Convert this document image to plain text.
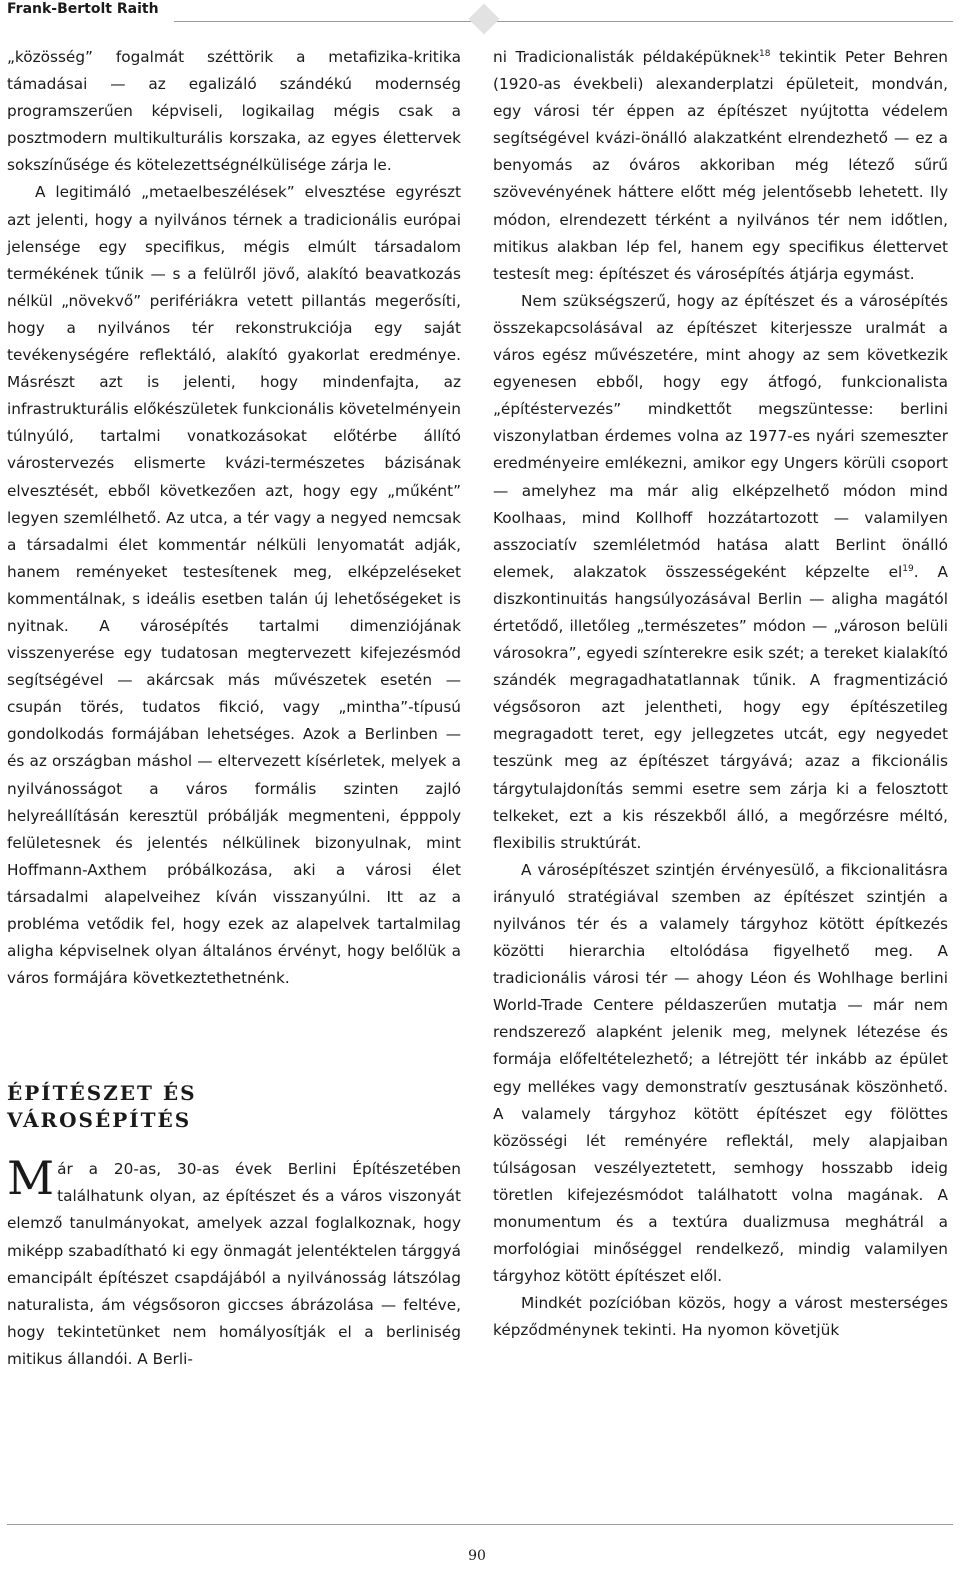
Frank-Bertolt Raith

„közösség” fogalmát széttörik a metafizika-kritika támadásai — az egalizáló szándékú modernség programszerűen képviseli, logikailag mégis csak a posztmodern multikulturális korszaka, az egyes élettervek sokszínűsége és kötelezettségnélkülisége zárja le.

A legitimáló „metaelbeszélések” elvesztése egyrészt azt jelenti, hogy a nyilvános térnek a tradicionális európai jelensége egy specifikus, mégis elmúlt társadalom termékének tűnik — s a felülről jövő, alakító beavatkozás nélkül „növekvő” perifériákra vetett pillantás megerősíti, hogy a nyilvános tér rekonstrukciója egy saját tevékenységére reflektáló, alakító gyakorlat eredménye. Másrészt azt is jelenti, hogy mindenfajta, az infrastrukturális előkészületek funkcionális követelményein túlnyúló, tartalmi vonatkozásokat előtérbe állító várostervezés elismerte kvázi-természetes bázisának elvesztését, ebből következően azt, hogy egy „műként” legyen szemlélhető. Az utca, a tér vagy a negyed nemcsak a társadalmi élet kommentár nélküli lenyomatát adják, hanem reményeket testesítenek meg, elképzeléseket kommentálnak, s ideális esetben talán új lehetőségeket is nyitnak. A városépítés tartalmi dimenziójának visszenyerése egy tudatosan megtervezett kifejezésmód segítségével — akárcsak más művészetek esetén — csupán törés, tudatos fikció, vagy „mintha”-típusú gondolkodás formájában lehetséges. Azok a Berlinben — és az országban máshol — eltervezett kísérletek, melyek a nyilvánosságot a város formális szinten zajló helyreállításán keresztül próbálják megmenteni, épppoly felületesnek és jelentés nélkülinek bizonyulnak, mint Hoffmann-Axthem próbálkozása, aki a városi élet társadalmi alapelveihez kíván visszanyúlni. Itt az a probléma vetődik fel, hogy ezek az alapelvek tartalmilag aligha képviselnek olyan általános érvényt, hogy belőlük a város formájára következtethetnénk.

ÉPÍTÉSZET ÉS
VÁROSÉPÍTÉS

Már a 20-as, 30-as évek Berlini Építészetében találhatunk olyan, az építészet és a város viszonyát elemző tanulmányokat, amelyek azzal foglalkoznak, hogy miképp szabadítható ki egy önmagát jelentéktelen tárggyá emancipált építészet csapdájából a nyilvánosság látszólag naturalista, ám végsősoron giccses ábrázolása — feltéve, hogy tekintetünket nem homályosítják el a berliniség mitikus állandói. A Berli-

ni Tradicionalisták példaképüknek$^{18}$ tekintik Peter Behren (1920-as évekbeli) alexanderplatzi épületeit, mondván, egy városi tér éppen az építészet nyújtotta védelem segítségével kvázi-önálló alakzatként elrendezhető — ez a benyomás az óváros akkoriban még létező sűrű szövevényének háttere előtt még jelentősebb lehetett. Ily módon, elrendezett térként a nyilvános tér nem időtlen, mitikus alakban lép fel, hanem egy specifikus élettervet testesít meg: építészet és városépítés átjárja egymást.

Nem szükségszerű, hogy az építészet és a városépítés összekapcsolásával az építészet kiterjessze uralmát a város egész művészetére, mint ahogy az sem következik egyenesen ebből, hogy egy átfogó, funkcionalista „építéstervezés” mindkettőt megszüntesse: berlini viszonylatban érdemes volna az 1977-es nyári szemeszter eredményeire emlékezni, amikor egy Ungers körüli csoport — amelyhez ma már alig elképzelhető módon mind Koolhaas, mind Kollhoff hozzátartozott — valamilyen asszociatív szemléletmód hatása alatt Berlint önálló elemek, alakzatok összességeként képzelte $el^{19}$. A diszkontinuitás hangsúlyozásával Berlin — aligha magától értetődő, illetőleg „természetes” módon — „városon belüli városokra”, egyedi színterekre esik szét; a tereket kialakító szándék megragadhatatlannak tűnik. A fragmentizáció végsősoron azt jelentheti, hogy egy építészetileg megragadott teret, egy jellegzetes utcát, egy negyedet teszünk meg az építészet tárgyává; azaz a fikcionális tárgytulajdonítás semmi esetre sem zárja ki a felosztott telkeket, ezt a kis részekből álló, a megőrzésre méltó, flexibilis struktúrát.

A városépítészet szintjén érvényesülő, a fikcionalitásra irányuló stratégiával szemben az építészet szintjén a nyilvános tér és a valamely tárgyhoz kötött építkezés közötti hierarchia eltolódása figyelhető meg. A tradicionális városi tér — ahogy Léon és Wohlhage berlini World-Trade Centere példaszerűen mutatja — már nem rendszerező alapként jelenik meg, melynek létezése és formája előfeltételezhető; a létrejött tér inkább az épület egy mellékes vagy demonstratív gesztusának köszönhető. A valamely tárgyhoz kötött építészet egy fölöttes közösségi lét reményére reflektál, mely alapjaiban túlságosan veszélyeztetett, semhogy hosszabb ideig töretlen kifejezésmódot találhatott volna magának. A monumentum és a textúra dualizmusa meghátrál a morfológiai minőséggel rendelkező, mindig valamilyen tárgyhoz kötött építészet elől.

Mindkét pozícióban közös, hogy a várost mesterséges képződménynek tekinti. Ha nyomon követjük

90
